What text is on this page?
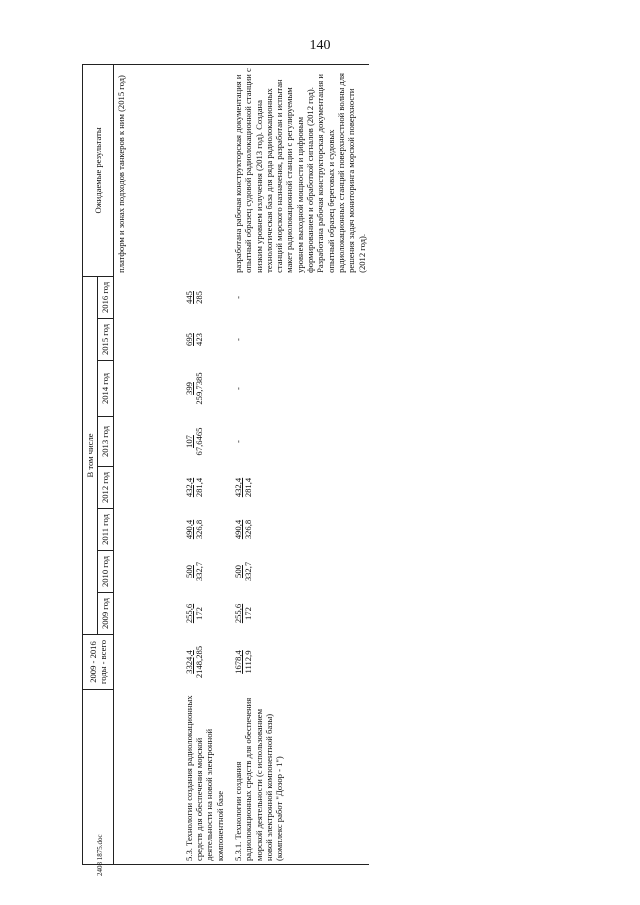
140
	2009 - 2016 годы - всего	В том числе								Ожидаемые результаты
		2009 год	2010 год	2011 год	2012 год	2013 год	2014 год	2015 год	2016 год	
										платформ и зонах подходов танкеров к ним (2015 год)
5.3. Технологии создания радиолокационных средств для обеспечения морской деятельности на новой электронной компонентной базе	3324,4 2148,285	255,6 172	500 332,7	490,4 326,8	432,4 281,4	107 67,6465	399 259,7385	695 423	445 285	

5.3.1. Технологии создания радиолокационных средств для обеспечения морской деятельности (с использованием новой электронной компонентной базы) (комплекс работ "Дозор - 1")	1678,4 1112,9	255,6 172	500 332,7	490,4 326,8	432,4 281,4	-	-	-	-	разработана рабочая конструкторская документация и опытный образец судовой радиолокационной станции с низким уровнем излучения (2013 год). Создана технологическая база для ряда радиолокационных станций морского назначения, разработан и испытан макет радиолокационной станции с регулируемым уровнем выходной мощности и цифровым формированием и обработкой сигналов (2012 год). Разработана рабочая конструкторская документация и опытный образец береговых и судовых радиолокационных станций поверхностной волны для решения задач мониторинга морской поверхности (2012 год).
2408 1875.doc
